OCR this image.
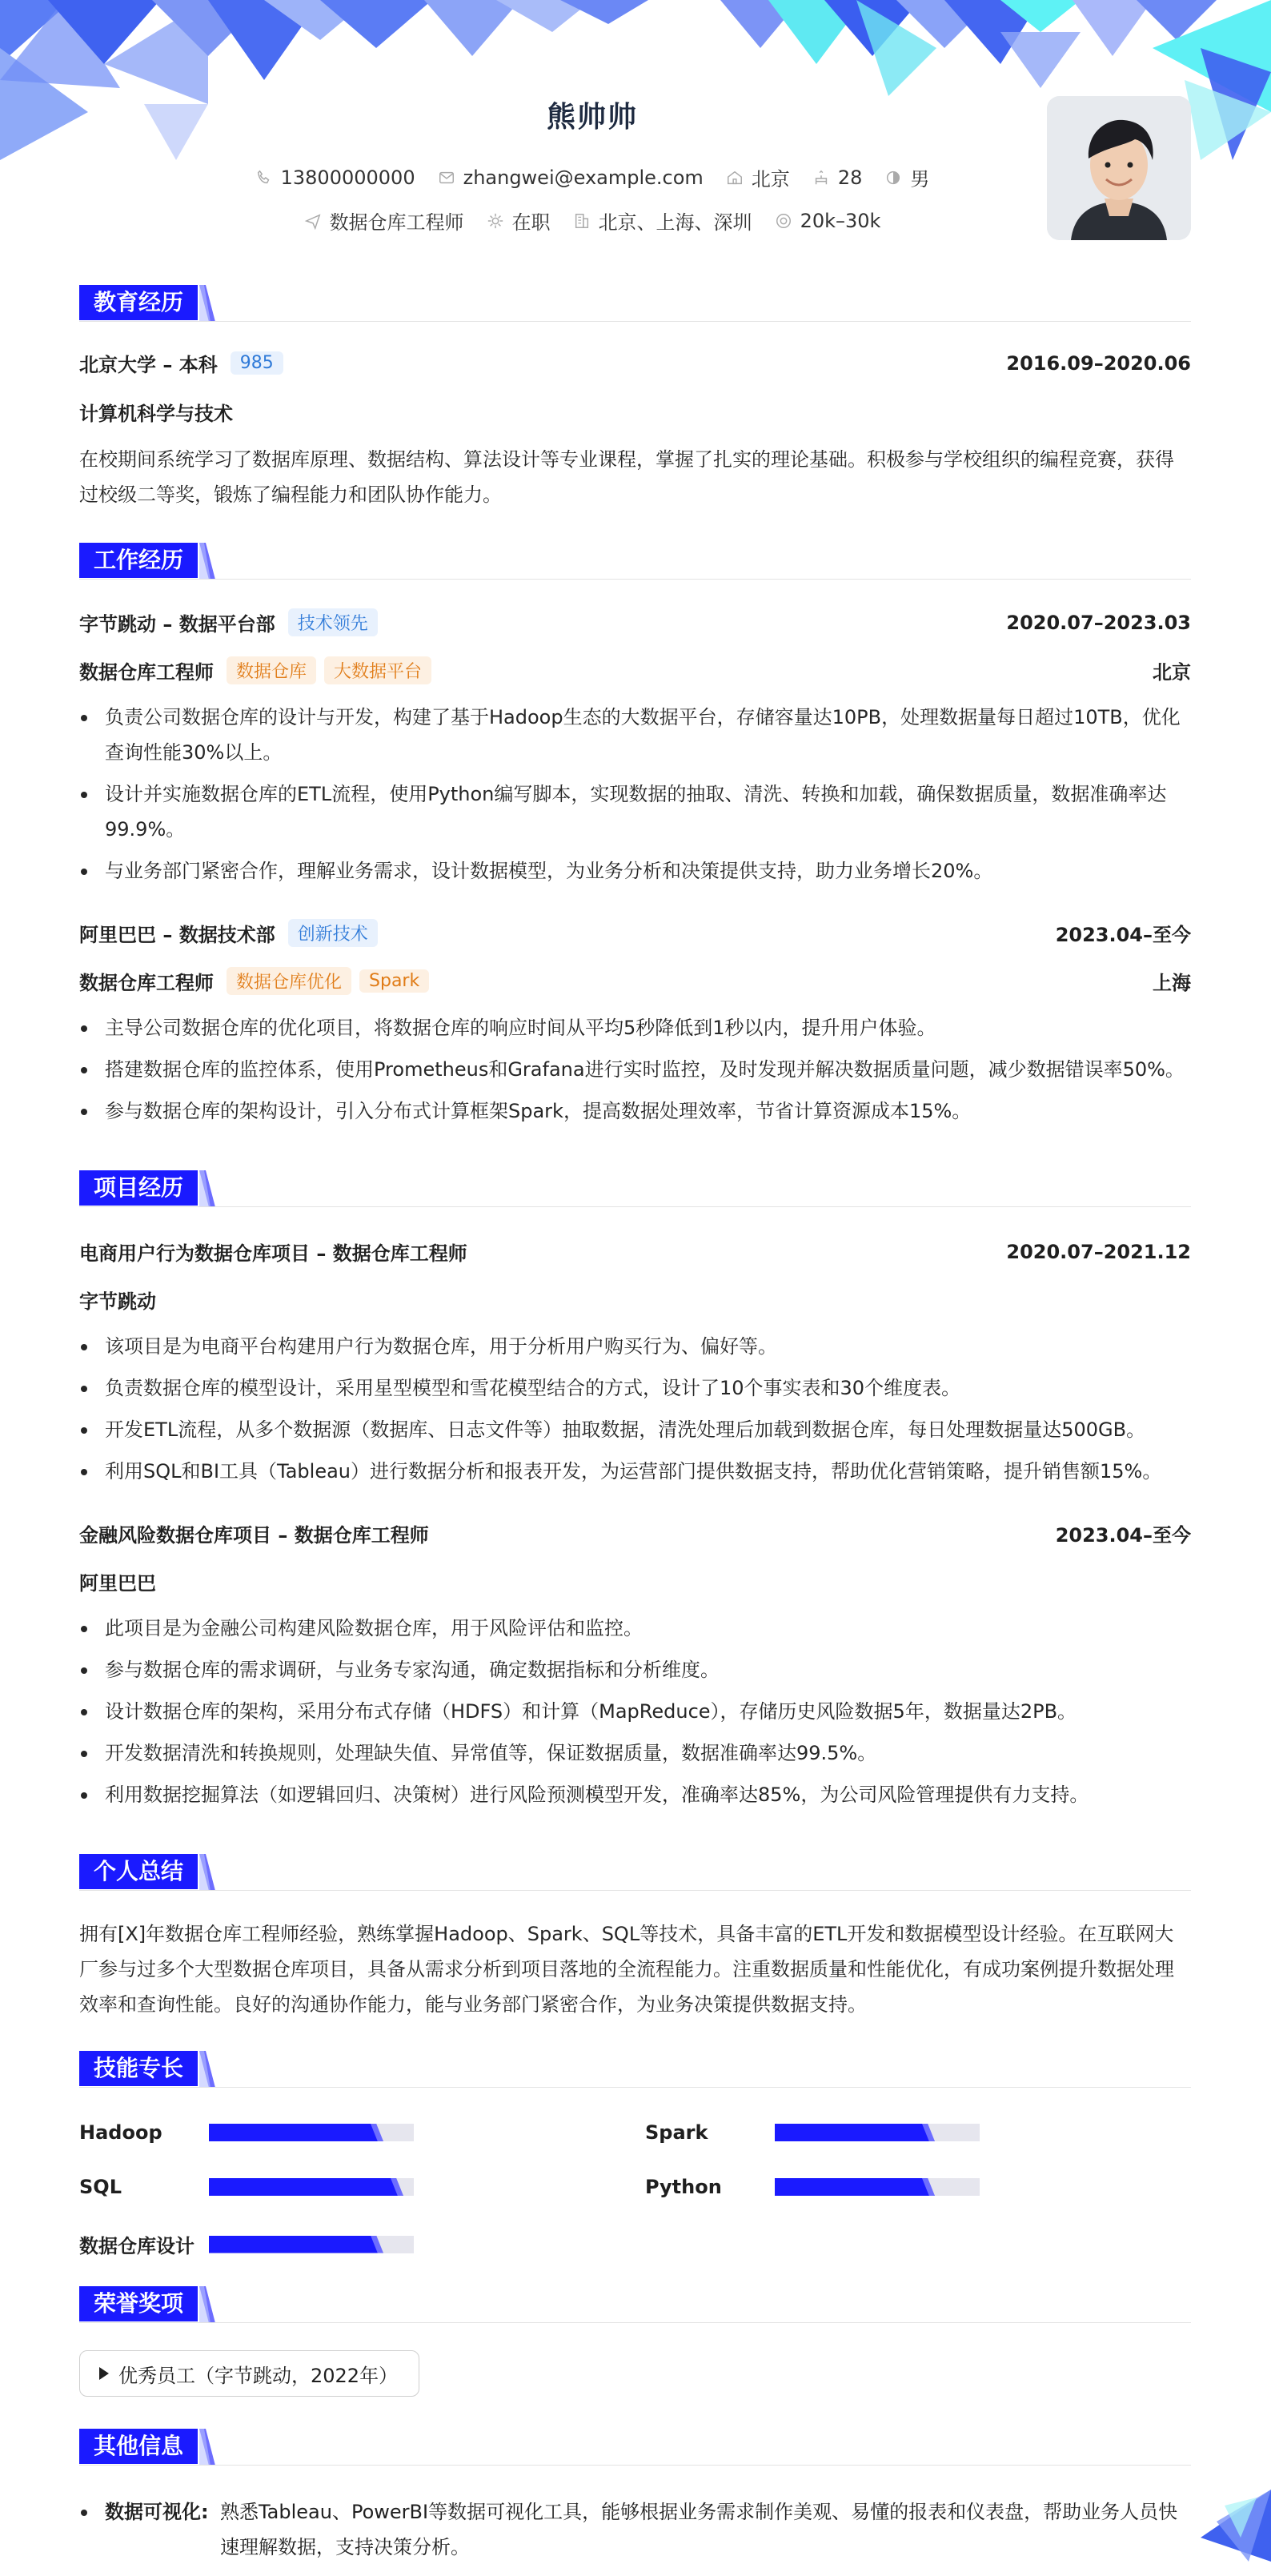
熊帅帅
13800000000	zhangwei@example.com	北京	28	男
数据仓库工程师	在职	北京、上海、深圳	20k–30k
教育经历
北京大学 – 本科	985	2016.09–2020.06
计算机科学与技术
在校期间系统学习了数据库原理、数据结构、算法设计等专业课程，掌握了扎实的理论基础。积极参与学校组织的编程竞赛，获得过校级二等奖，锻炼了编程能力和团队协作能力。
工作经历
字节跳动 – 数据平台部	技术领先	2020.07–2023.03
数据仓库工程师	数据仓库	大数据平台	北京
负责公司数据仓库的设计与开发，构建了基于Hadoop生态的大数据平台，存储容量达10PB，处理数据量每日超过10TB，优化查询性能30%以上。
设计并实施数据仓库的ETL流程，使用Python编写脚本，实现数据的抽取、清洗、转换和加载，确保数据质量，数据准确率达99.9%。
与业务部门紧密合作，理解业务需求，设计数据模型，为业务分析和决策提供支持，助力业务增长20%。
阿里巴巴 – 数据技术部	创新技术	2023.04–至今
数据仓库工程师	数据仓库优化	Spark	上海
主导公司数据仓库的优化项目，将数据仓库的响应时间从平均5秒降低到1秒以内，提升用户体验。
搭建数据仓库的监控体系，使用Prometheus和Grafana进行实时监控，及时发现并解决数据质量问题，减少数据错误率50%。
参与数据仓库的架构设计，引入分布式计算框架Spark，提高数据处理效率，节省计算资源成本15%。
项目经历
电商用户行为数据仓库项目 – 数据仓库工程师	2020.07–2021.12
字节跳动
该项目是为电商平台构建用户行为数据仓库，用于分析用户购买行为、偏好等。
负责数据仓库的模型设计，采用星型模型和雪花模型结合的方式，设计了10个事实表和30个维度表。
开发ETL流程，从多个数据源（数据库、日志文件等）抽取数据，清洗处理后加载到数据仓库，每日处理数据量达500GB。
利用SQL和BI工具（Tableau）进行数据分析和报表开发，为运营部门提供数据支持，帮助优化营销策略，提升销售额15%。
金融风险数据仓库项目 – 数据仓库工程师	2023.04–至今
阿里巴巴
此项目是为金融公司构建风险数据仓库，用于风险评估和监控。
参与数据仓库的需求调研，与业务专家沟通，确定数据指标和分析维度。
设计数据仓库的架构，采用分布式存储（HDFS）和计算（MapReduce），存储历史风险数据5年，数据量达2PB。
开发数据清洗和转换规则，处理缺失值、异常值等，保证数据质量，数据准确率达99.5%。
利用数据挖掘算法（如逻辑回归、决策树）进行风险预测模型开发，准确率达85%，为公司风险管理提供有力支持。
个人总结
拥有[X]年数据仓库工程师经验，熟练掌握Hadoop、Spark、SQL等技术，具备丰富的ETL开发和数据模型设计经验。在互联网大厂参与过多个大型数据仓库项目，具备从需求分析到项目落地的全流程能力。注重数据质量和性能优化，有成功案例提升数据处理效率和查询性能。良好的沟通协作能力，能与业务部门紧密合作，为业务决策提供数据支持。
技能专长
Hadoop	Spark
SQL	Python
数据仓库设计
荣誉奖项
优秀员工（字节跳动，2022年）
其他信息
数据可视化: 熟悉Tableau、PowerBI等数据可视化工具，能够根据业务需求制作美观、易懂的报表和仪表盘，帮助业务人员快速理解数据，支持决策分析。
